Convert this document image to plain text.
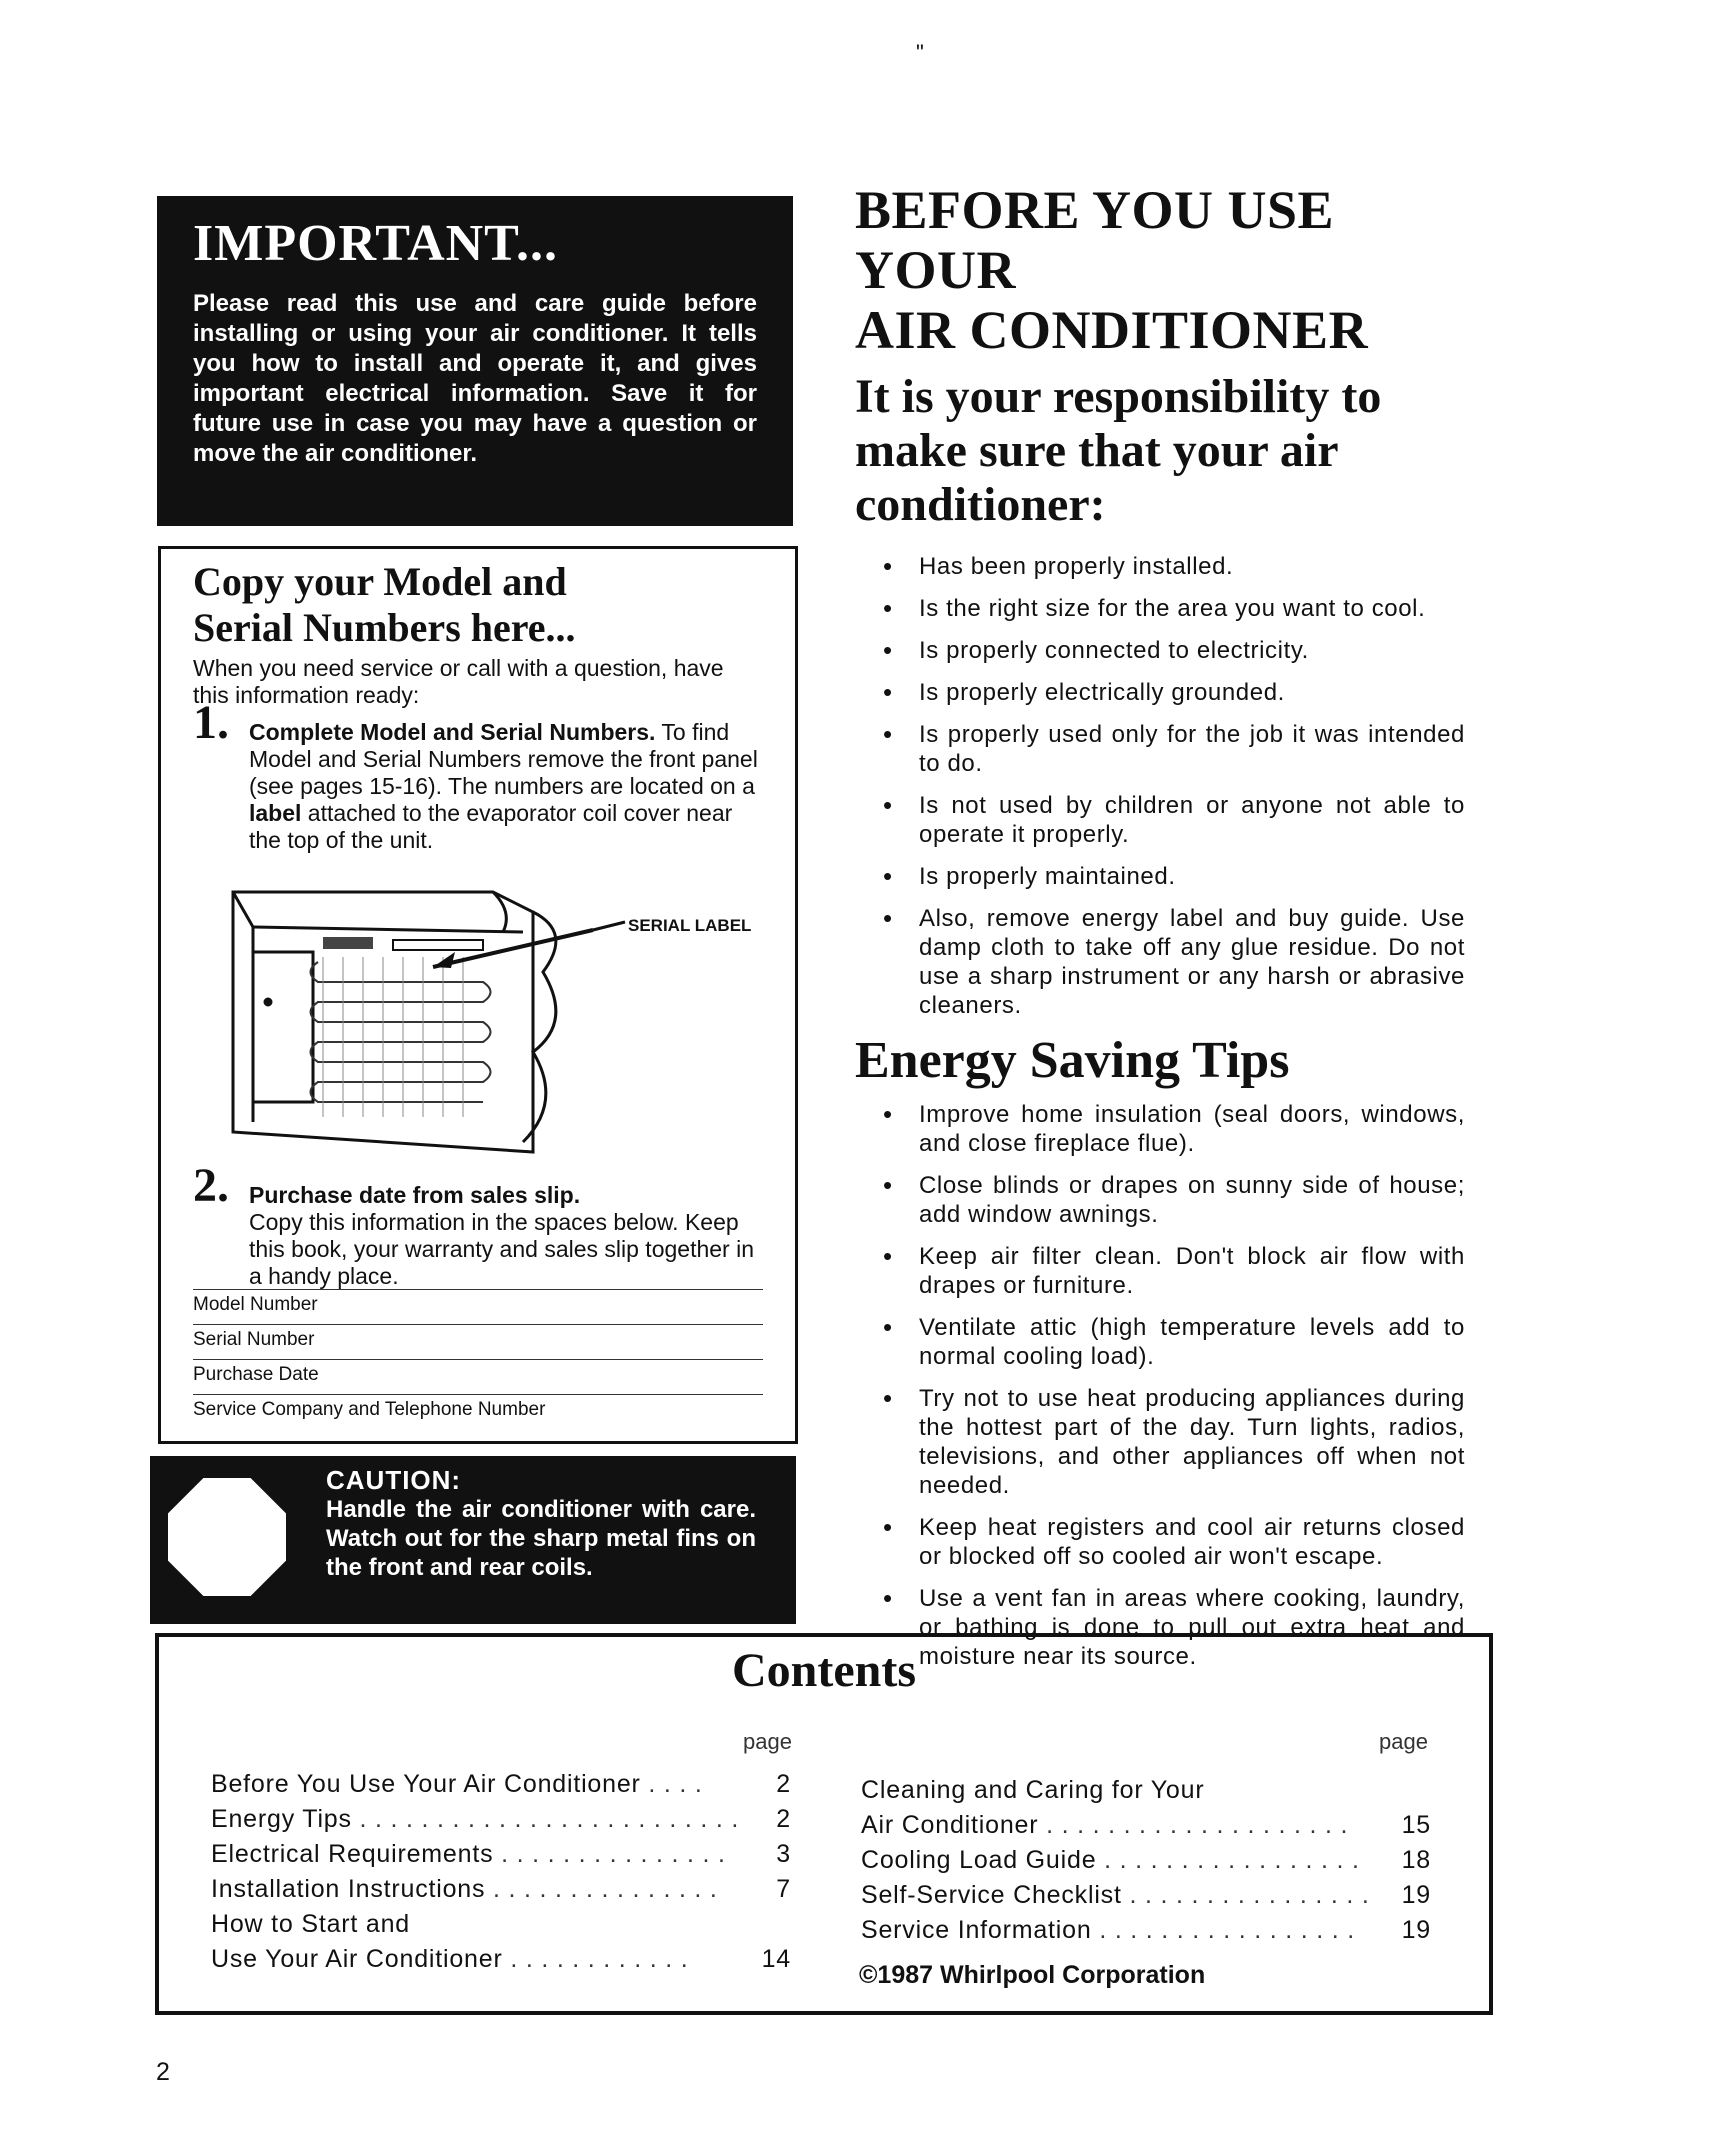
"
IMPORTANT...

Please read this use and care guide before installing or using your air conditioner. It tells you how to install and operate it, and gives important electrical information. Save it for future use in case you may have a question or move the air conditioner.

Copy your Model and
Serial Numbers here...
When you need service or call with a question, have this information ready:
1. Complete Model and Serial Numbers. To find Model and Serial Numbers remove the front panel (see pages 15-16). The numbers are located on a label attached to the evaporator coil cover near the top of the unit.
SERIAL LABEL
2. Purchase date from sales slip.
Copy this information in the spaces below. Keep this book, your warranty and sales slip together in a handy place.
Model Number
Serial Number
Purchase Date
Service Company and Telephone Number
CAUTION:
Handle the air conditioner with care. Watch out for the sharp metal fins on the front and rear coils.
BEFORE YOU USE YOUR
AIR CONDITIONER
It is your responsibility to make sure that your air conditioner:
• Has been properly installed.
• Is the right size for the area you want to cool.
• Is properly connected to electricity.
• Is properly electrically grounded.
• Is properly used only for the job it was intended to do.
• Is not used by children or anyone not able to operate it properly.
• Is properly maintained.
• Also, remove energy label and buy guide. Use damp cloth to take off any glue residue. Do not use a sharp instrument or any harsh or abrasive cleaners.
Energy Saving Tips
• Improve home insulation (seal doors, windows, and close fireplace flue).
• Close blinds or drapes on sunny side of house; add window awnings.
• Keep air filter clean. Don't block air flow with drapes or furniture.
• Ventilate attic (high temperature levels add to normal cooling load).
• Try not to use heat producing appliances during the hottest part of the day. Turn lights, radios, televisions, and other appliances off when not needed.
• Keep heat registers and cool air returns closed or blocked off so cooled air won't escape.
• Use a vent fan in areas where cooking, laundry, or bathing is done to pull out extra heat and moisture near its source.
Contents
page	page
Before You Use Your Air Conditioner . . . .	2
Energy Tips . . . . . . . . . . . . . . . . . . . . . . . . . 2
Electrical Requirements . . . . . . . . . . . . . . . 3
Installation Instructions . . . . . . . . . . . . . . . 7
How to Start and
Use Your Air Conditioner . . . . . . . . . . . .	14
Cleaning and Caring for Your
Air Conditioner . . . . . . . . . . . . . . . . . . . . 15
Cooling Load Guide . . . . . . . . . . . . . . . . . 18
Self-Service Checklist . . . . . . . . . . . . . . . . 19
Service Information . . . . . . . . . . . . . . . . . 19
©1987 Whirlpool Corporation
2
